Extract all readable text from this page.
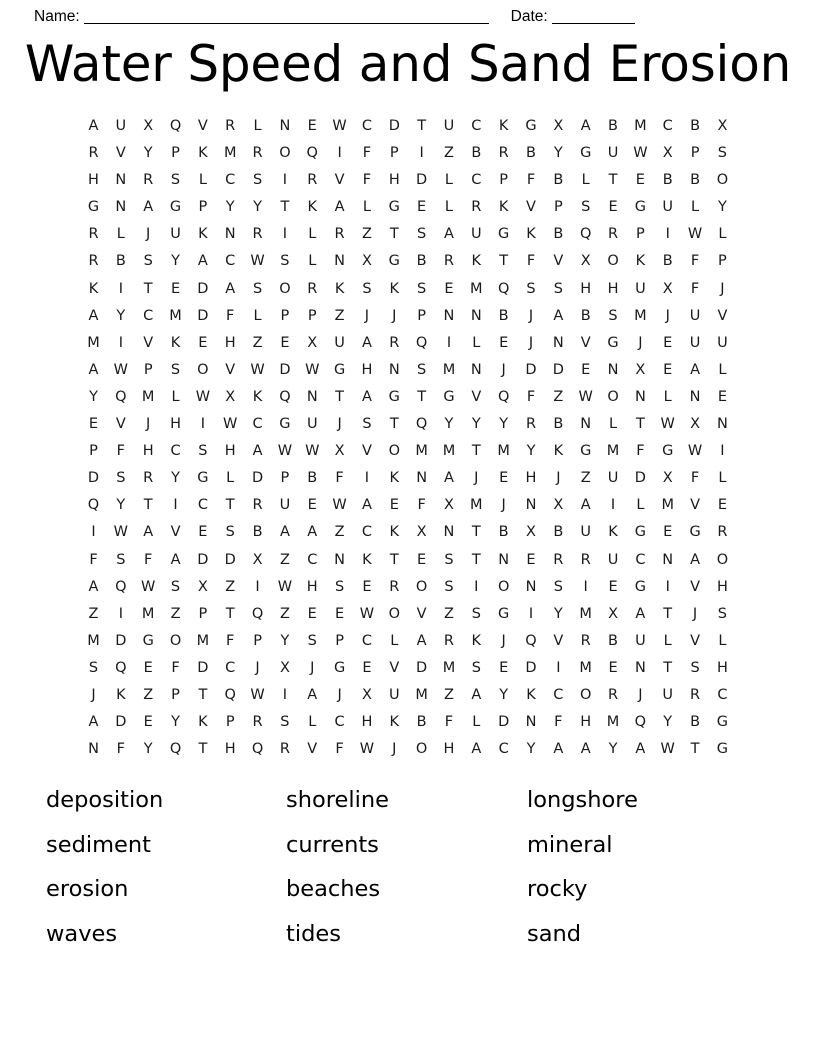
Name:	Date:
Water Speed and Sand Erosion
A U X Q V R L N E W C D T U C K G X A B M C B X
R V Y P K M R O Q	I	F P	I	Z B R B Y G U W X P S
H N R S L C S	I	R V F H D L C P F B L T E B B O
G N A G P Y Y T K A L G E L R K V P S E G U L Y
R L	J	U K N R	I	L R Z T S A U G K B Q R P	I	W L
R B S Y A C W S L N X G B R K T F V X O K B F P
K	I	T E D A S O R K S K S E M Q S S H H U X F	J
A Y C M D F L P P Z	J	J	P N N B	J	A B S M	J	U V
M	I	V K E H Z E X U A R Q	I	L E	J	N V G	J	E U U
A W P S O V W D W G H N S M N	J	D D E N X E A L
Y Q M L W X K Q N T A G T G V Q F Z W O N L N E
E V	J	H	I	W C G U	J	S T Q Y Y Y R B N L T W X N
P F H C S H A W W X V O M M T M Y K G M F G W	I
D S R Y G L D P B F	I	K N A	J	E H	J	Z U D X F L
Q Y T	I	C T R U E W A E F X M	J	N X A	I	L M V E
I	W A V E S B A A Z C K X N T B X B U K G E G R
F S F A D D X Z C N K T E S T N E R R U C N A O
A Q W S X Z	I	W H S E R O S	I	O N S	I	E G	I	V H
Z	I	M Z P T Q Z E E W O V Z S G	I	Y M X A T	J	S
M D G O M F P Y S P C L A R K	J	Q V R B U L V L
S Q E F D C	J	X	J	G E V D M S E D	I	M E N T S H
J	K Z P T Q W	I	A	J	X U M Z A Y K C O R	J	U R C
A D E Y K P R S L C H K B F L D N F H M Q Y B G
N F Y Q T H Q R V F W	J	O H A C Y A A Y A W T G
deposition	shoreline	longshore
sediment	currents	mineral
erosion	beaches	rocky
waves	tides	sand
